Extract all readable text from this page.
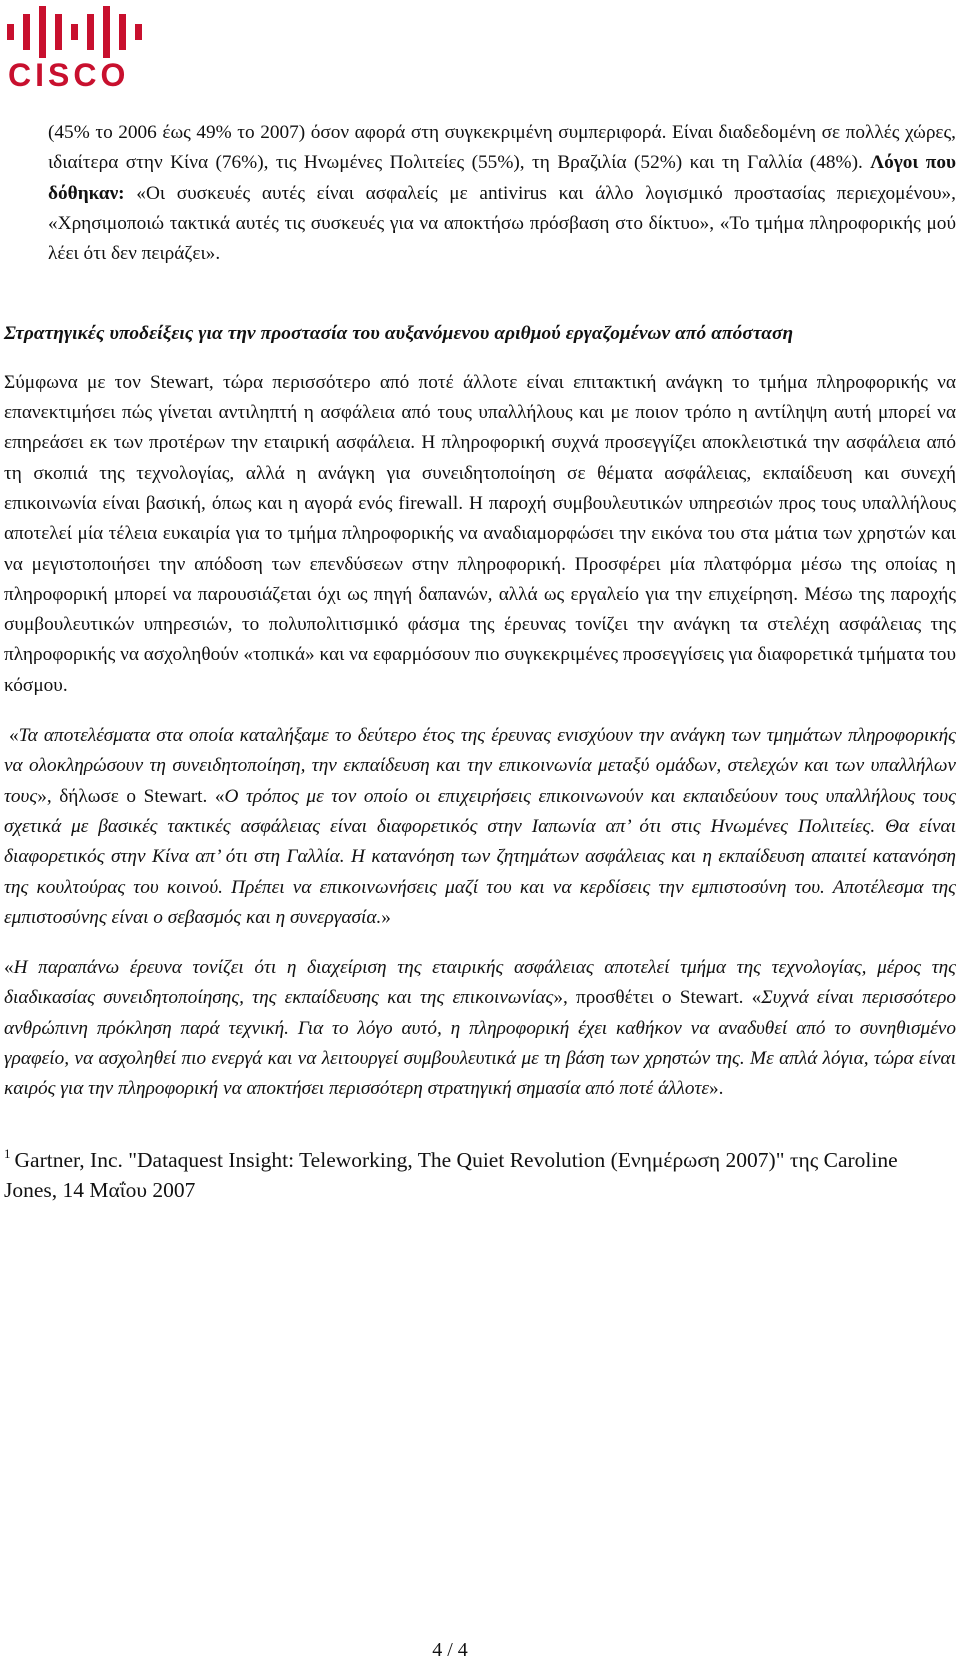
CISCO

(45% το 2006 έως 49% το 2007) όσον αφορά στη συγκεκριμένη συμπεριφορά. Είναι διαδεδομένη σε πολλές χώρες, ιδιαίτερα στην Κίνα (76%), τις Ηνωμένες Πολιτείες (55%), τη Βραζιλία (52%) και τη Γαλλία (48%). Λόγοι που δόθηκαν: «Οι συσκευές αυτές είναι ασφαλείς με antivirus και άλλο λογισμικό προστασίας περιεχομένου», «Χρησιμοποιώ τακτικά αυτές τις συσκευές για να αποκτήσω πρόσβαση στο δίκτυο», «Το τμήμα πληροφορικής μού λέει ότι δεν πειράζει».

Στρατηγικές υποδείξεις για την προστασία του αυξανόμενου αριθμού εργαζομένων από απόσταση

Σύμφωνα με τον Stewart, τώρα περισσότερο από ποτέ άλλοτε είναι επιτακτική ανάγκη το τμήμα πληροφορικής να επανεκτιμήσει πώς γίνεται αντιληπτή η ασφάλεια από τους υπαλλήλους και με ποιον τρόπο η αντίληψη αυτή μπορεί να επηρεάσει εκ των προτέρων την εταιρική ασφάλεια. Η πληροφορική συχνά προσεγγίζει αποκλειστικά την ασφάλεια από τη σκοπιά της τεχνολογίας, αλλά η ανάγκη για συνειδητοποίηση σε θέματα ασφάλειας, εκπαίδευση και συνεχή επικοινωνία είναι βασική, όπως και η αγορά ενός firewall. Η παροχή συμβουλευτικών υπηρεσιών προς τους υπαλλήλους αποτελεί μία τέλεια ευκαιρία για το τμήμα πληροφορικής να αναδιαμορφώσει την εικόνα του στα μάτια των χρηστών και να μεγιστοποιήσει την απόδοση των επενδύσεων στην πληροφορική. Προσφέρει μία πλατφόρμα μέσω της οποίας η πληροφορική μπορεί να παρουσιάζεται όχι ως πηγή δαπανών, αλλά ως εργαλείο για την επιχείρηση. Μέσω της παροχής συμβουλευτικών υπηρεσιών, το πολυπολιτισμικό φάσμα της έρευνας τονίζει την ανάγκη τα στελέχη ασφάλειας της πληροφορικής να ασχοληθούν «τοπικά» και να εφαρμόσουν πιο συγκεκριμένες προσεγγίσεις για διαφορετικά τμήματα του κόσμου.

«Τα αποτελέσματα στα οποία καταλήξαμε το δεύτερο έτος της έρευνας ενισχύουν την ανάγκη των τμημάτων πληροφορικής να ολοκληρώσουν τη συνειδητοποίηση, την εκπαίδευση και την επικοινωνία μεταξύ ομάδων, στελεχών και των υπαλλήλων τους», δήλωσε ο Stewart. «Ο τρόπος με τον οποίο οι επιχειρήσεις επικοινωνούν και εκπαιδεύουν τους υπαλλήλους τους σχετικά με βασικές τακτικές ασφάλειας είναι διαφορετικός στην Ιαπωνία απ’ ότι στις Ηνωμένες Πολιτείες. Θα είναι διαφορετικός στην Κίνα απ’ ότι στη Γαλλία. Η κατανόηση των ζητημάτων ασφάλειας και η εκπαίδευση απαιτεί κατανόηση της κουλτούρας του κοινού. Πρέπει να επικοινωνήσεις μαζί του και να κερδίσεις την εμπιστοσύνη του. Αποτέλεσμα της εμπιστοσύνης είναι ο σεβασμός και η συνεργασία.»

«Η παραπάνω έρευνα τονίζει ότι η διαχείριση της εταιρικής ασφάλειας αποτελεί τμήμα της τεχνολογίας, μέρος της διαδικασίας συνειδητοποίησης, της εκπαίδευσης και της επικοινωνίας», προσθέτει ο Stewart. «Συχνά είναι περισσότερο ανθρώπινη πρόκληση παρά τεχνική. Για το λόγο αυτό, η πληροφορική έχει καθήκον να αναδυθεί από το συνηθισμένο γραφείο, να ασχοληθεί πιο ενεργά και να λειτουργεί συμβουλευτικά με τη βάση των χρηστών της. Με απλά λόγια, τώρα είναι καιρός για την πληροφορική να αποκτήσει περισσότερη στρατηγική σημασία από ποτέ άλλοτε».

$^1$ Gartner, Inc. "Dataquest Insight: Teleworking, The Quiet Revolution (Ενημέρωση 2007)" της Caroline Jones, 14 Μαΐου 2007

4 / 4
